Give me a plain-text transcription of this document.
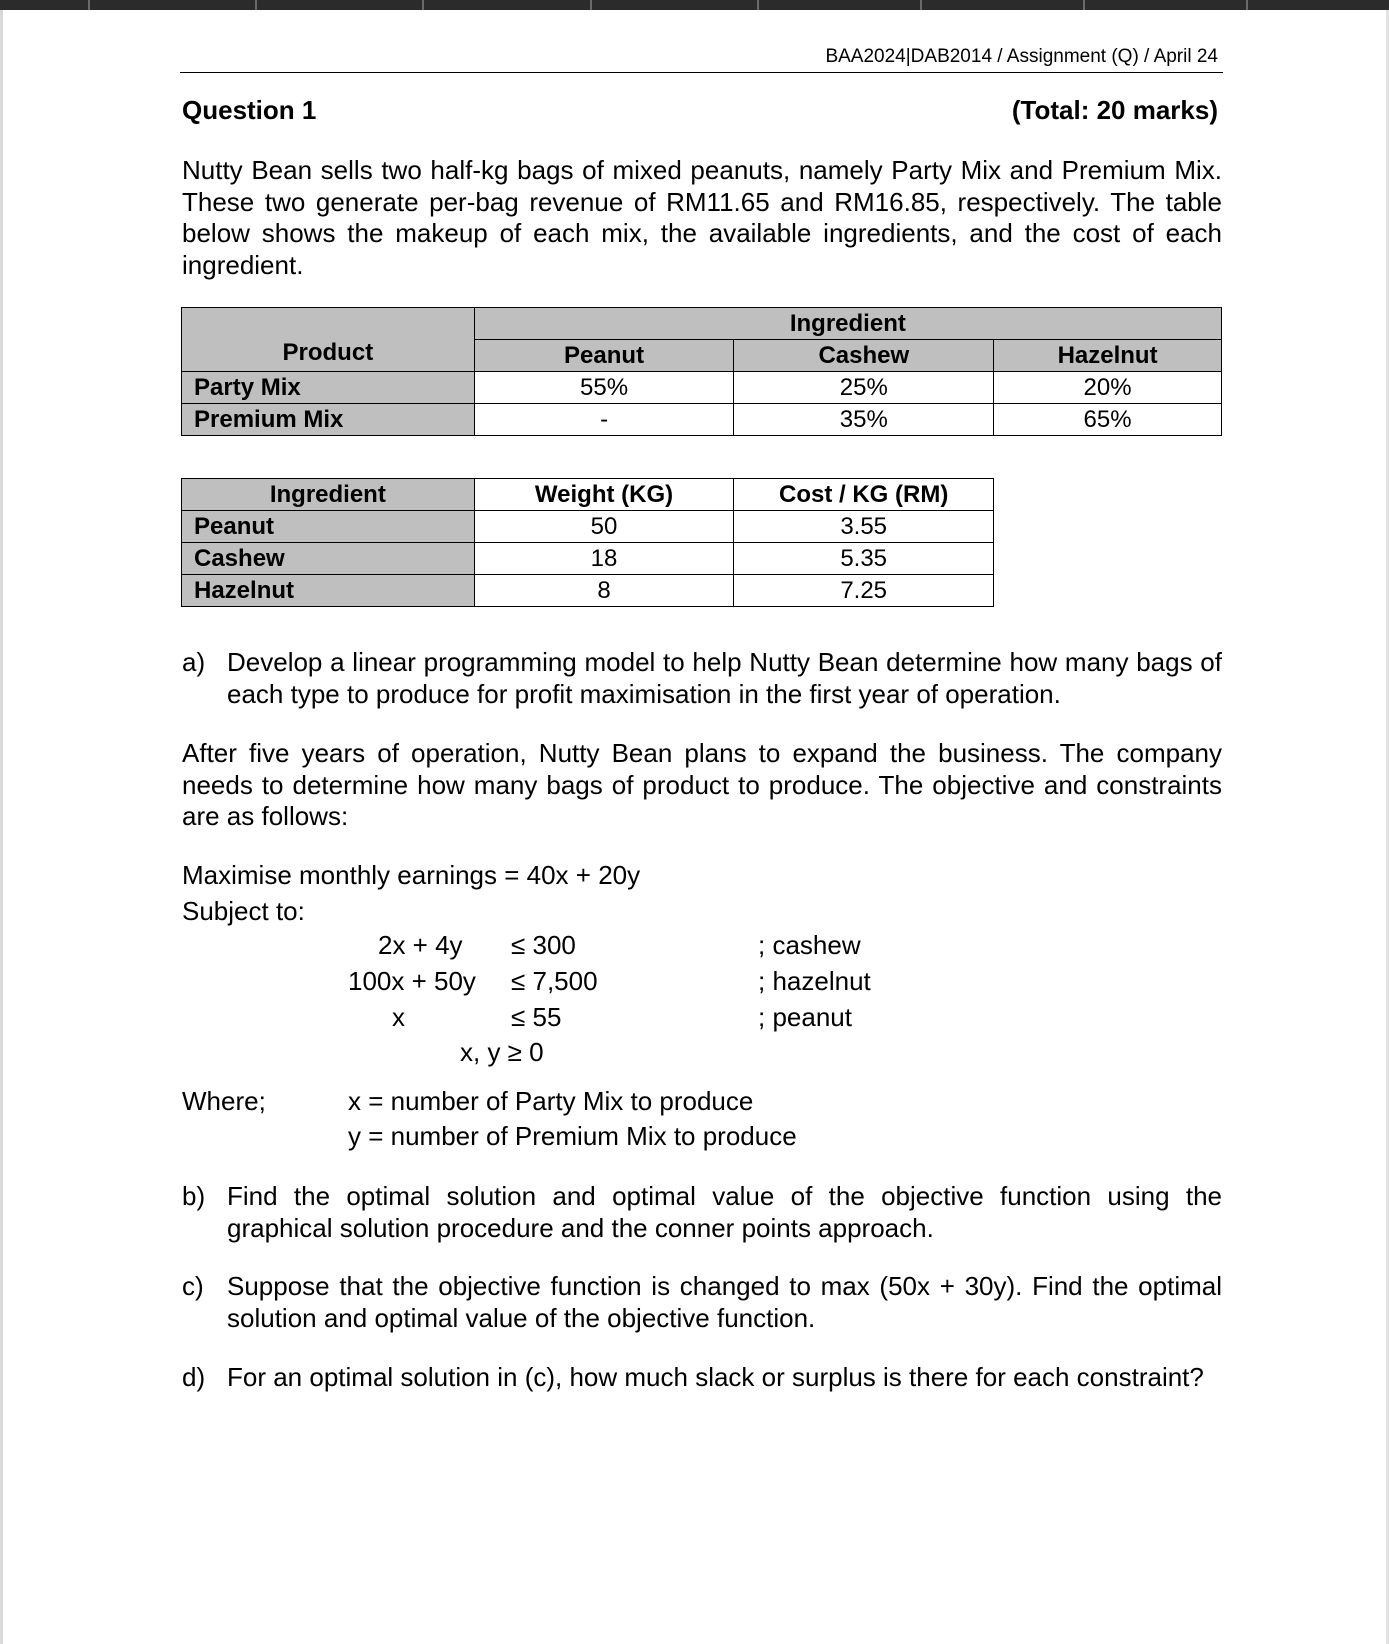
BAA2024|DAB2014 / Assignment (Q) / April 24
Question 1	(Total: 20 marks)

Nutty Bean sells two half-kg bags of mixed peanuts, namely Party Mix and Premium Mix. These two generate per-bag revenue of RM11.65 and RM16.85, respectively. The table below shows the makeup of each mix, the available ingredients, and the cost of each ingredient.

Product	Ingredient		
	Peanut	Cashew	Hazelnut
Party Mix	55%	25%	20%
Premium Mix	-	35%	65%
Ingredient	Weight (KG)	Cost / KG (RM)
Peanut	50	3.55
Cashew	18	5.35
Hazelnut	8	7.25
a) Develop a linear programming model to help Nutty Bean determine how many bags of each type to produce for profit maximisation in the first year of operation.

After five years of operation, Nutty Bean plans to expand the business. The company needs to determine how many bags of product to produce. The objective and constraints are as follows:

Maximise monthly earnings = 40x + 20y
Subject to:
2x + 4y ≤ 300	; cashew
100x + 50y ≤ 7,500	; hazelnut
x	≤ 55	; peanut
x, y ≥ 0
Where;	x = number of Party Mix to produce
y = number of Premium Mix to produce
b) Find the optimal solution and optimal value of the objective function using the graphical solution procedure and the conner points approach.
c) Suppose that the objective function is changed to max (50x + 30y). Find the optimal solution and optimal value of the objective function.
d) For an optimal solution in (c), how much slack or surplus is there for each constraint?
